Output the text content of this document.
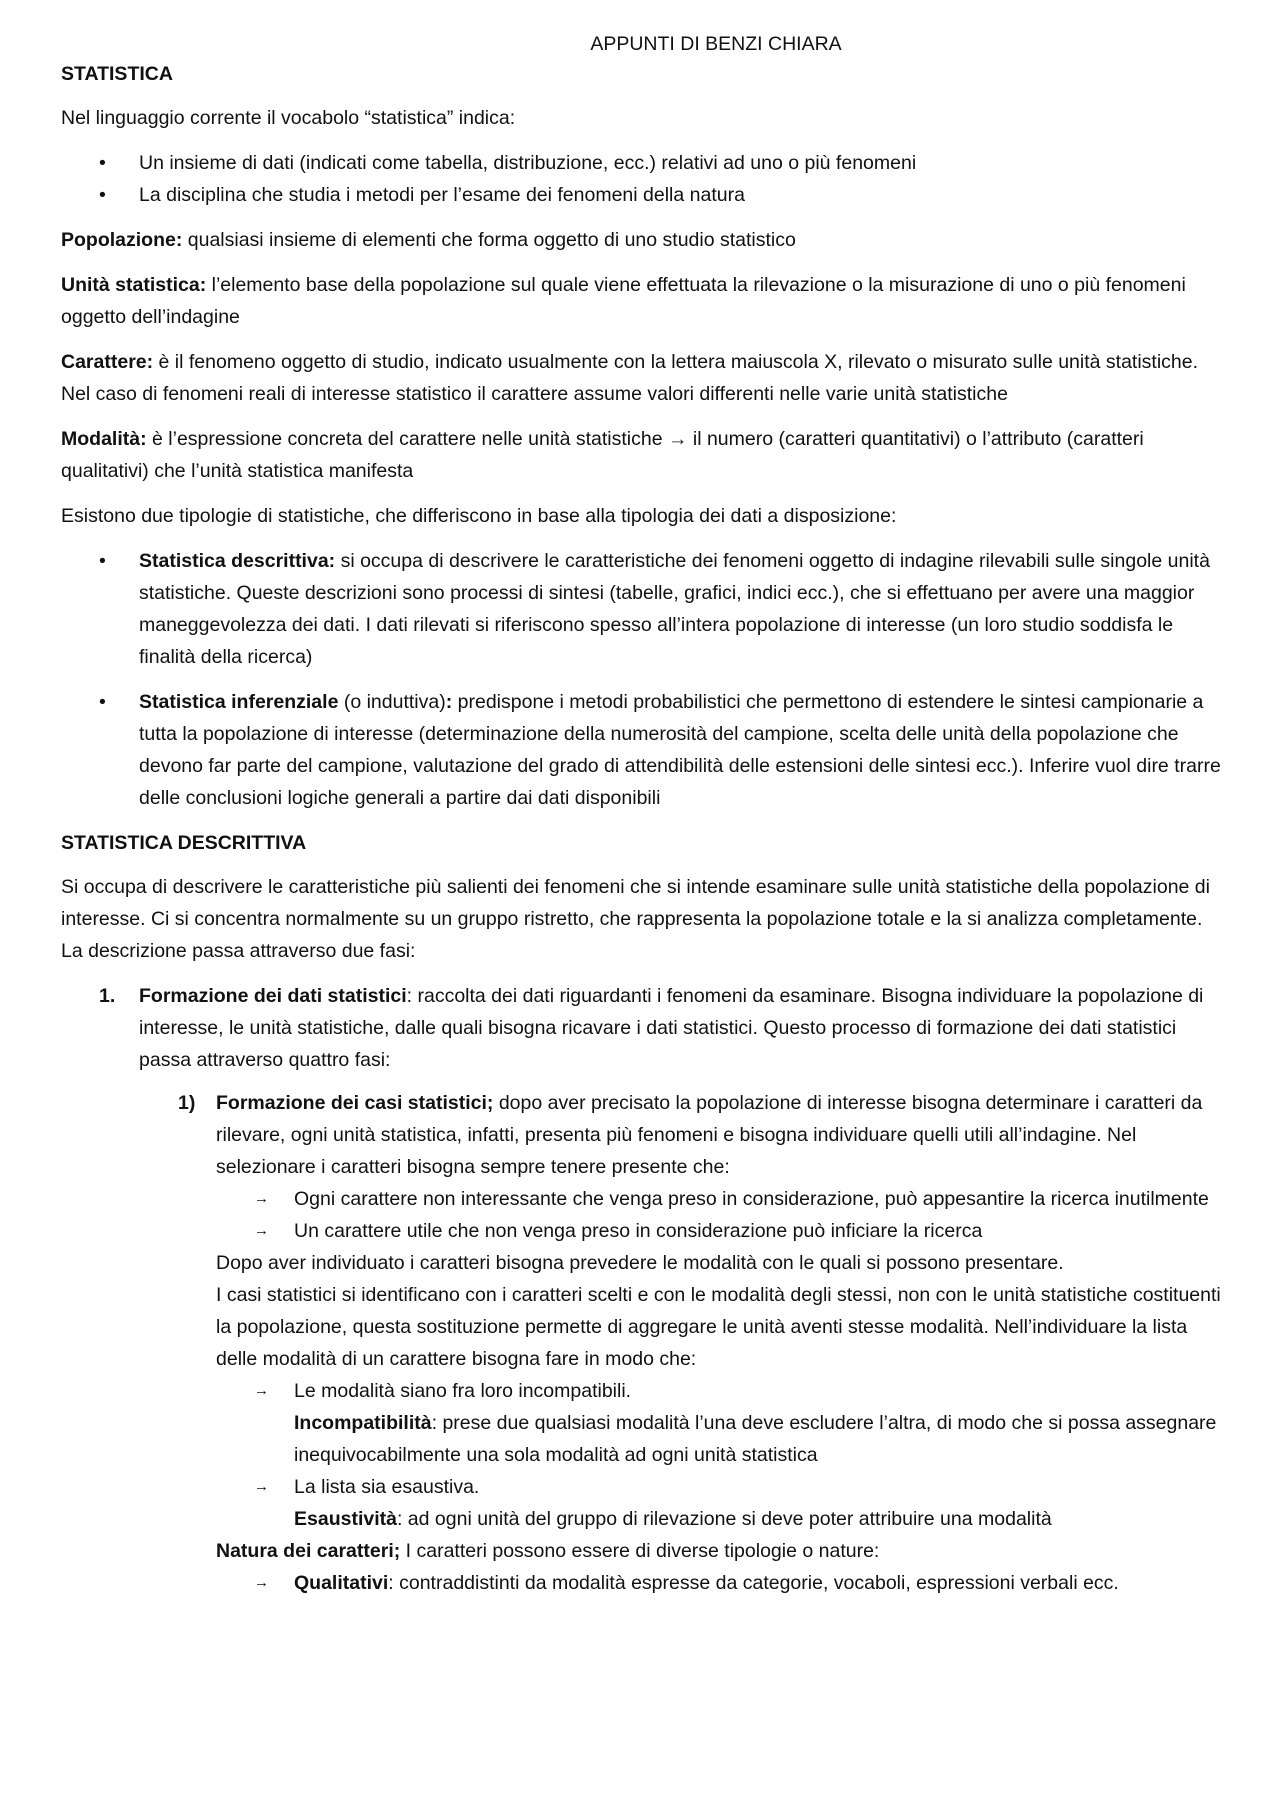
APPUNTI DI BENZI CHIARA
STATISTICA

Nel linguaggio corrente il vocabolo “statistica” indica:

• Un insieme di dati (indicati come tabella, distribuzione, ecc.) relativi ad uno o più fenomeni
• La disciplina che studia i metodi per l’esame dei fenomeni della natura

Popolazione: qualsiasi insieme di elementi che forma oggetto di uno studio statistico

Unità statistica: l’elemento base della popolazione sul quale viene effettuata la rilevazione o la misurazione di uno o più fenomeni oggetto dell’indagine

Carattere: è il fenomeno oggetto di studio, indicato usualmente con la lettera maiuscola X, rilevato o misurato sulle unità statistiche. Nel caso di fenomeni reali di interesse statistico il carattere assume valori differenti nelle varie unità statistiche

Modalità: è l’espressione concreta del carattere nelle unità statistiche → il numero (caratteri quantitativi) o l’attributo (caratteri qualitativi) che l’unità statistica manifesta

Esistono due tipologie di statistiche, che differiscono in base alla tipologia dei dati a disposizione:

• Statistica descrittiva: si occupa di descrivere le caratteristiche dei fenomeni oggetto di indagine rilevabili sulle singole unità statistiche. Queste descrizioni sono processi di sintesi (tabelle, grafici, indici ecc.), che si effettuano per avere una maggior maneggevolezza dei dati. I dati rilevati si riferiscono spesso all’intera popolazione di interesse (un loro studio soddisfa le finalità della ricerca)
• Statistica inferenziale (o induttiva): predispone i metodi probabilistici che permettono di estendere le sintesi campionarie a tutta la popolazione di interesse (determinazione della numerosità del campione, scelta delle unità della popolazione che devono far parte del campione, valutazione del grado di attendibilità delle estensioni delle sintesi ecc.). Inferire vuol dire trarre delle conclusioni logiche generali a partire dai dati disponibili
STATISTICA DESCRITTIVA

Si occupa di descrivere le caratteristiche più salienti dei fenomeni che si intende esaminare sulle unità statistiche della popolazione di interesse. Ci si concentra normalmente su un gruppo ristretto, che rappresenta la popolazione totale e la si analizza completamente. La descrizione passa attraverso due fasi:

1. Formazione dei dati statistici: raccolta dei dati riguardanti i fenomeni da esaminare. Bisogna individuare la popolazione di interesse, le unità statistiche, dalle quali bisogna ricavare i dati statistici. Questo processo di formazione dei dati statistici passa attraverso quattro fasi:
1) Formazione dei casi statistici; dopo aver precisato la popolazione di interesse bisogna determinare i caratteri da rilevare, ogni unità statistica, infatti, presenta più fenomeni e bisogna individuare quelli utili all’indagine. Nel selezionare i caratteri bisogna sempre tenere presente che:
→ Ogni carattere non interessante che venga preso in considerazione, può appesantire la ricerca inutilmente
→ Un carattere utile che non venga preso in considerazione può inficiare la ricerca
Dopo aver individuato i caratteri bisogna prevedere le modalità con le quali si possono presentare.
I casi statistici si identificano con i caratteri scelti e con le modalità degli stessi, non con le unità statistiche costituenti la popolazione, questa sostituzione permette di aggregare le unità aventi stesse modalità. Nell’individuare la lista delle modalità di un carattere bisogna fare in modo che:
→ Le modalità siano fra loro incompatibili.
Incompatibilità: prese due qualsiasi modalità l’una deve escludere l’altra, di modo che si possa assegnare inequivocabilmente una sola modalità ad ogni unità statistica
→ La lista sia esaustiva.
Esaustività: ad ogni unità del gruppo di rilevazione si deve poter attribuire una modalità
Natura dei caratteri; I caratteri possono essere di diverse tipologie o nature:
→ Qualitativi: contraddistinti da modalità espresse da categorie, vocaboli, espressioni verbali ecc.
